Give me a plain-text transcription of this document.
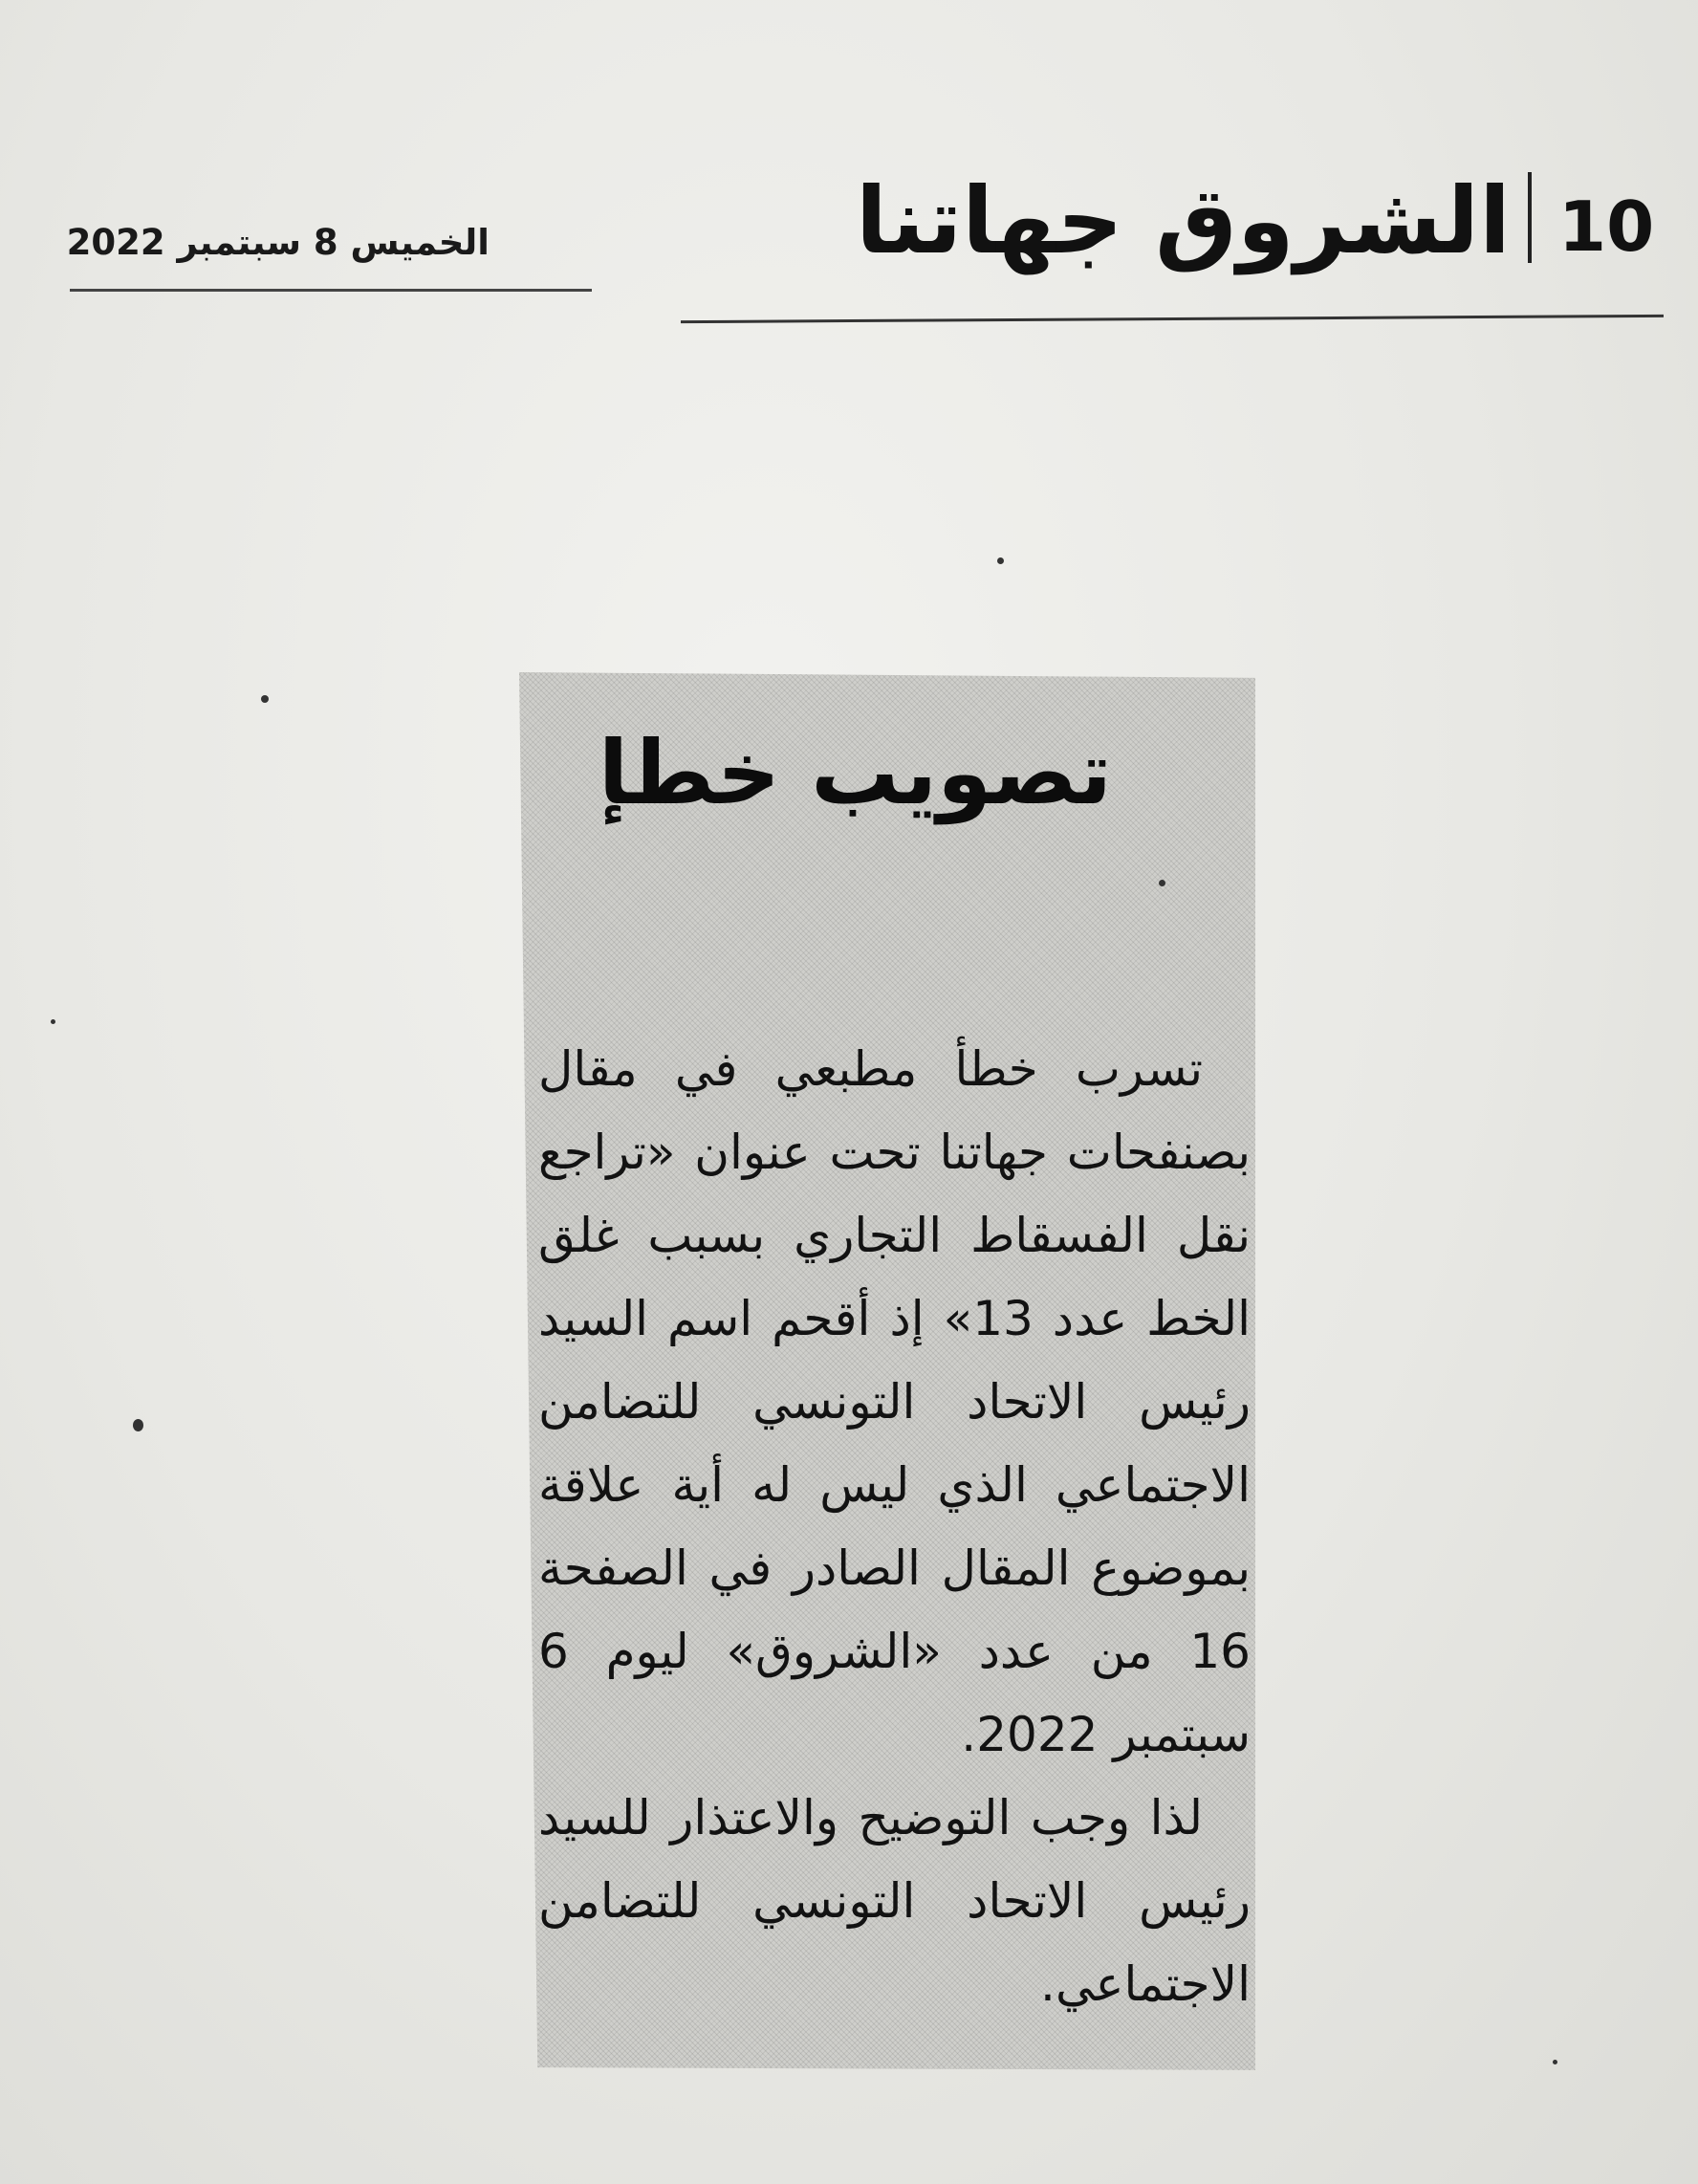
10
الشروق جهاتنا
الخميس 8 سبتمبر 2022
تصويب خطإ

تسرب خطأ مطبعي في مقال بصنفحات جهاتنا تحت عنوان «تراجع نقل الفسقاط التجاري بسبب غلق الخط عدد 13» إذ أقحم اسم السيد رئيس الاتحاد التونسي للتضامن الاجتماعي الذي ليس له أية علاقة بموضوع المقال الصادر في الصفحة 16 من عدد «الشروق» ليوم 6 سبتمبر 2022.

لذا وجب التوضيح والاعتذار للسيد رئيس الاتحاد التونسي للتضامن الاجتماعي.
